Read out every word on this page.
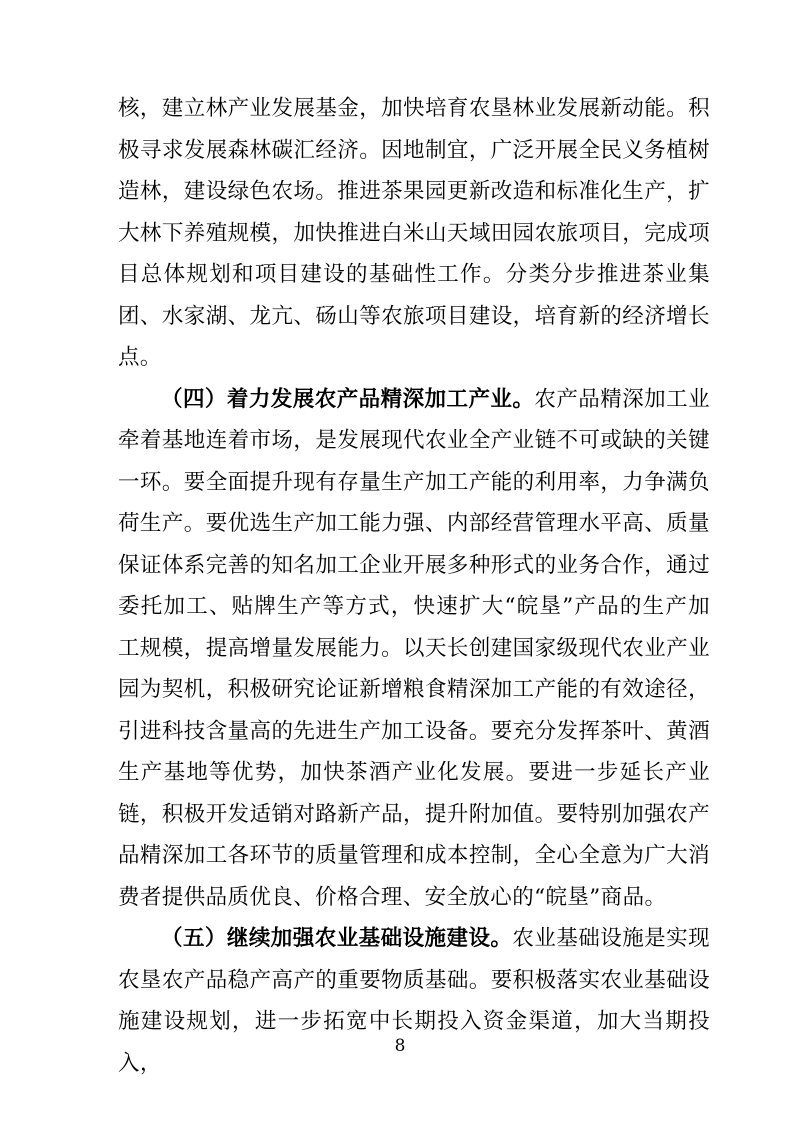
核，建立林产业发展基金，加快培育农垦林业发展新动能。积极寻求发展森林碳汇经济。因地制宜，广泛开展全民义务植树造林，建设绿色农场。推进茶果园更新改造和标准化生产，扩大林下养殖规模，加快推进白米山天域田园农旅项目，完成项目总体规划和项目建设的基础性工作。分类分步推进茶业集团、水家湖、龙亢、砀山等农旅项目建设，培育新的经济增长点。

（四）着力发展农产品精深加工产业。农产品精深加工业牵着基地连着市场，是发展现代农业全产业链不可或缺的关键一环。要全面提升现有存量生产加工产能的利用率，力争满负荷生产。要优选生产加工能力强、内部经营管理水平高、质量保证体系完善的知名加工企业开展多种形式的业务合作，通过委托加工、贴牌生产等方式，快速扩大“皖垦”产品的生产加工规模，提高增量发展能力。以天长创建国家级现代农业产业园为契机，积极研究论证新增粮食精深加工产能的有效途径，引进科技含量高的先进生产加工设备。要充分发挥茶叶、黄酒生产基地等优势，加快茶酒产业化发展。要进一步延长产业链，积极开发适销对路新产品，提升附加值。要特别加强农产品精深加工各环节的质量管理和成本控制，全心全意为广大消费者提供品质优良、价格合理、安全放心的“皖垦”商品。

（五）继续加强农业基础设施建设。农业基础设施是实现农垦农产品稳产高产的重要物质基础。要积极落实农业基础设施建设规划，进一步拓宽中长期投入资金渠道，加大当期投入，

8
